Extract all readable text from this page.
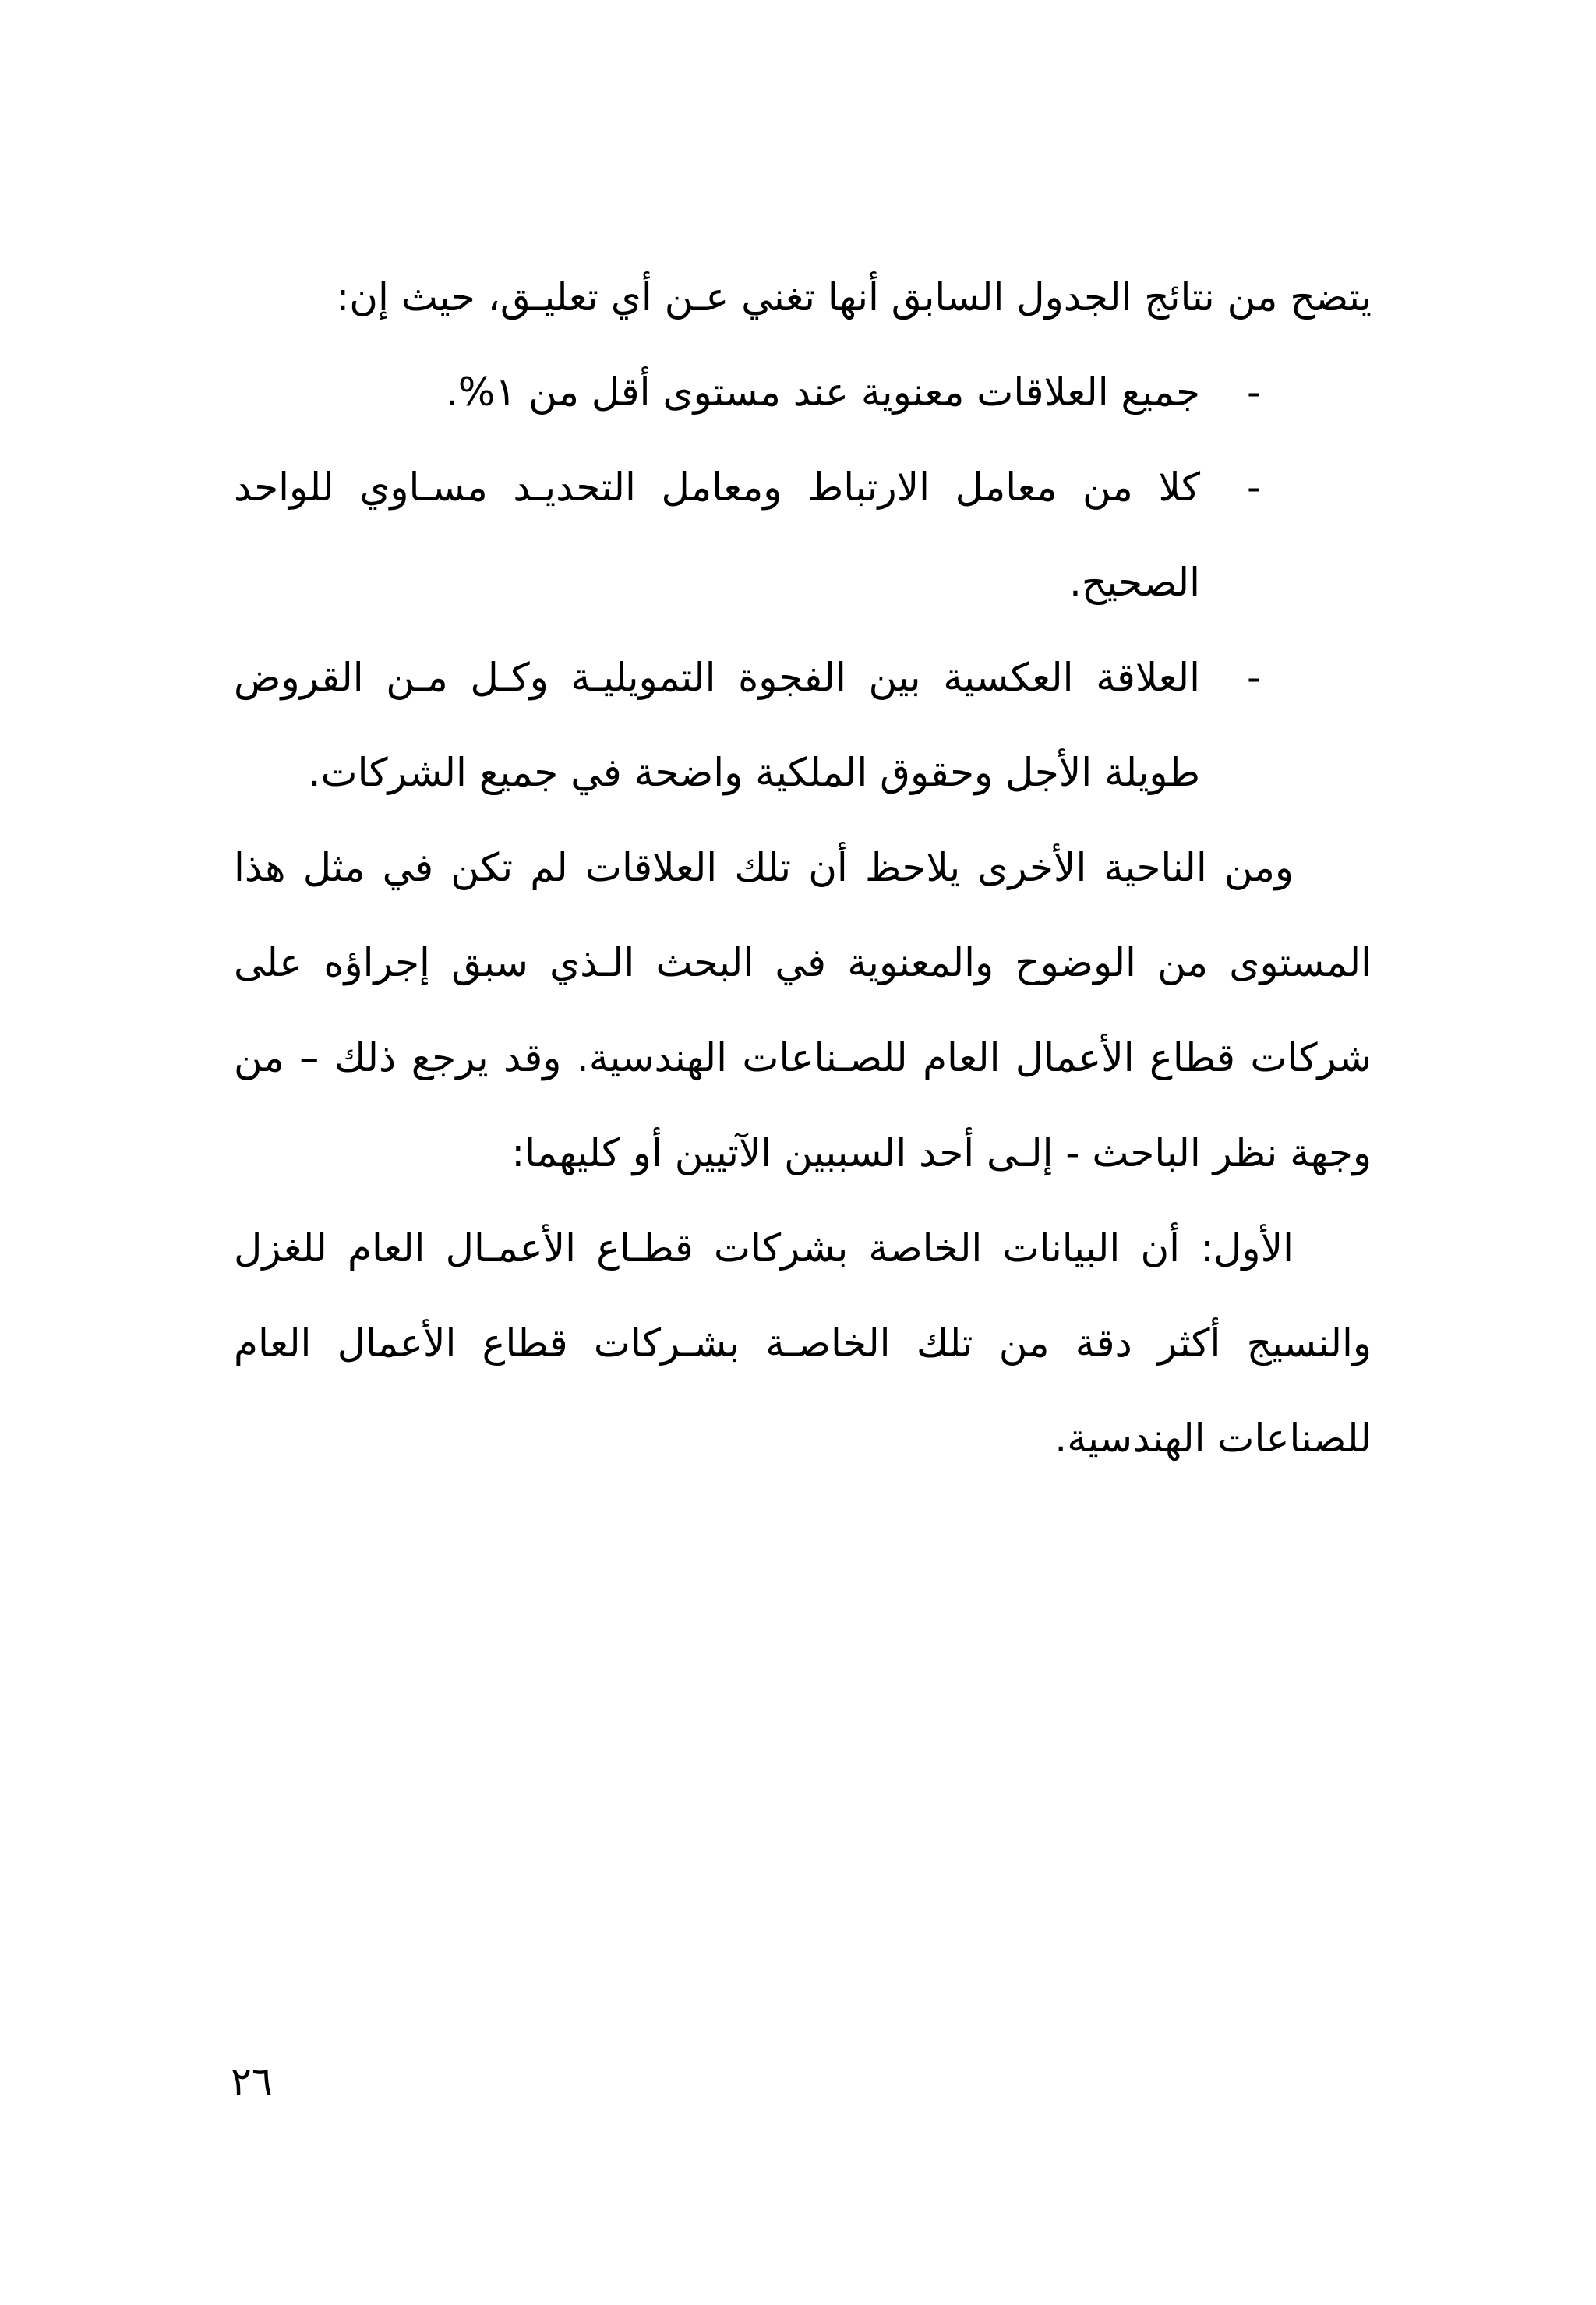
يتضح من نتائج الجدول السابق أنها تغني عـن أي تعليـق، حيث إن:

-
جميع العلاقات معنوية عند مستوى أقل من ١%.
-
كلا من معامل الارتباط ومعامل التحديـد مسـاوي للواحد الصحيح.
-
العلاقة العكسية بين الفجوة التمويليـة وكـل مـن القروض طويلة الأجل وحقوق الملكية واضحة في جميع الشركات.

ومن الناحية الأخرى يلاحظ أن تلك العلاقات لم تكن في مثل هذا المستوى من الوضوح والمعنوية في البحث الـذي سبق إجراؤه على شركات قطاع الأعمال العام للصـناعات الهندسية. وقد يرجع ذلك – من وجهة نظر الباحث - إلـى أحد السببين الآتيين أو كليهما:

الأول: أن البيانات الخاصة بشركات قطـاع الأعمـال العام للغزل والنسيج أكثر دقة من تلك الخاصـة بشـركات قطاع الأعمال العام للصناعات الهندسية.

٢٦
